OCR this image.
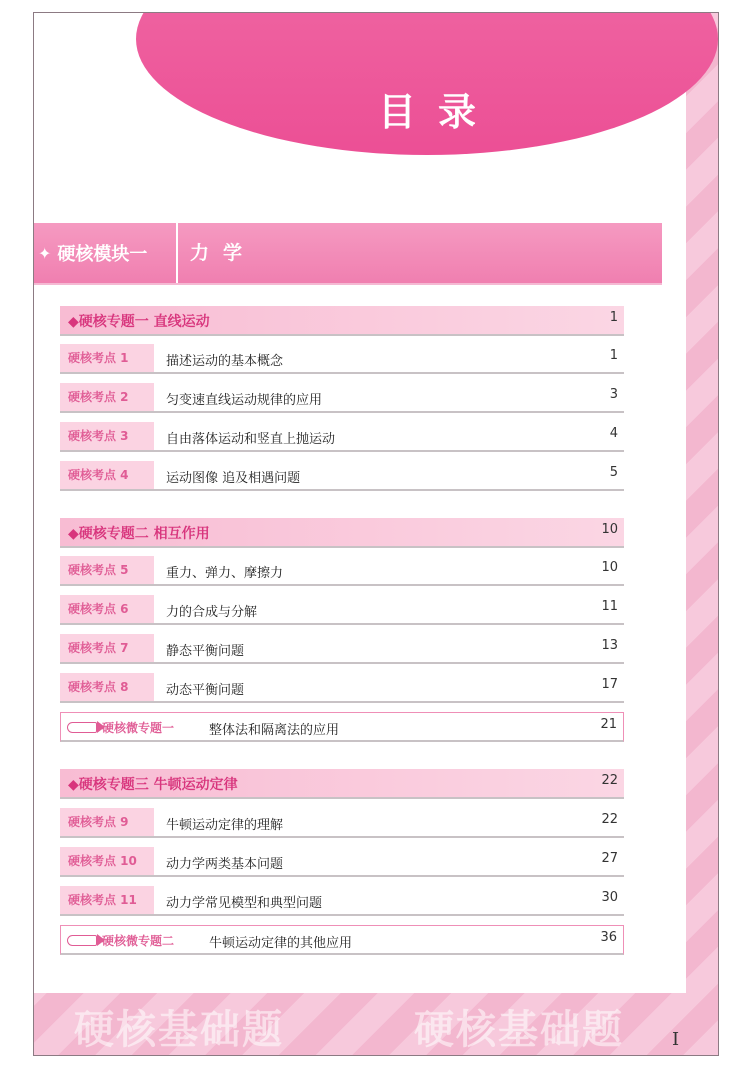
硬核基础题	硬核基础题
目录
✦ 硬核模块一 力学
◆硬核专题一 直线运动	1
硬核考点 1	描述运动的基本概念	1
硬核考点 2	匀变速直线运动规律的应用	3
硬核考点 3	自由落体运动和竖直上抛运动	4
硬核考点 4	运动图像 追及相遇问题	5
◆硬核专题二 相互作用	10
硬核考点 5	重力、弹力、摩擦力	10
硬核考点 6	力的合成与分解	11
硬核考点 7	静态平衡问题	13
硬核考点 8	动态平衡问题	17
硬核微专题一	整体法和隔离法的应用	21
◆硬核专题三 牛顿运动定律	22
硬核考点 9	牛顿运动定律的理解	22
硬核考点 10	动力学两类基本问题	27
硬核考点 11	动力学常见模型和典型问题	30
硬核微专题二	牛顿运动定律的其他应用	36
I
